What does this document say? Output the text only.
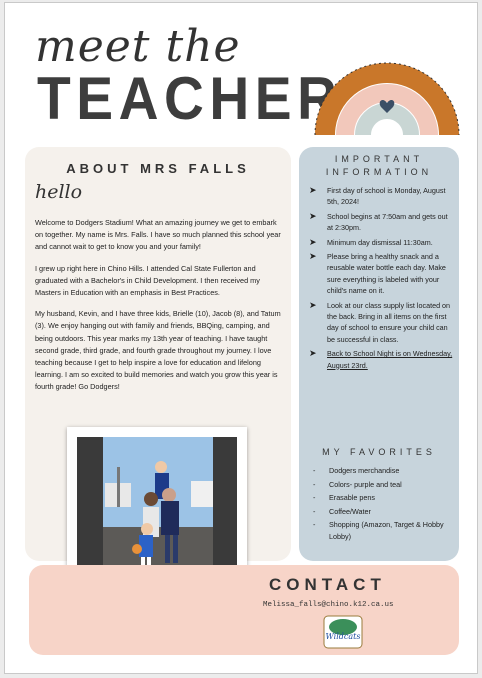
meet the
TEACHER
ABOUT MRS FALLS
hello

Welcome to Dodgers Stadium! What an amazing journey we get to embark on together. My name is Mrs. Falls. I have so much planned this school year and cannot wait to get to know you and your family!

I grew up right here in Chino Hills. I attended Cal State Fullerton and graduated with a Bachelor's in Child Development. I then received my Masters in Education with an emphasis in Best Practices.

My husband, Kevin, and I have three kids, Brielle (10), Jacob (8), and Tatum (3). We enjoy hanging out with family and friends, BBQing, camping, and being outdoors. This year marks my 13th year of teaching. I have taught second grade, third grade, and fourth grade throughout my journey. I love teaching because I get to help inspire a love for education and lifelong learning. I am so excited to build memories and watch you grow this year is fourth grade! Go Dodgers!

IMPORTANT INFORMATION
➤ First day of school is Monday, August 5th, 2024!
➤ School begins at 7:50am and gets out at 2:30pm.
➤ Minimum day dismissal 11:30am.
➤ Please bring a healthy snack and a reusable water bottle each day. Make sure everything is labeled with your child's name on it.
➤ Look at our class supply list located on the back. Bring in all items on the first day of school to ensure your child can be successful in class.
➤ Back to School Night is on Wednesday, August 23rd.
MY FAVORITES
- Dodgers merchandise
- Colors- purple and teal
- Erasable pens
- Coffee/Water
- Shopping (Amazon, Target & Hobby Lobby)
CONTACT
Melissa_falls@chino.k12.ca.us
Wildcats
